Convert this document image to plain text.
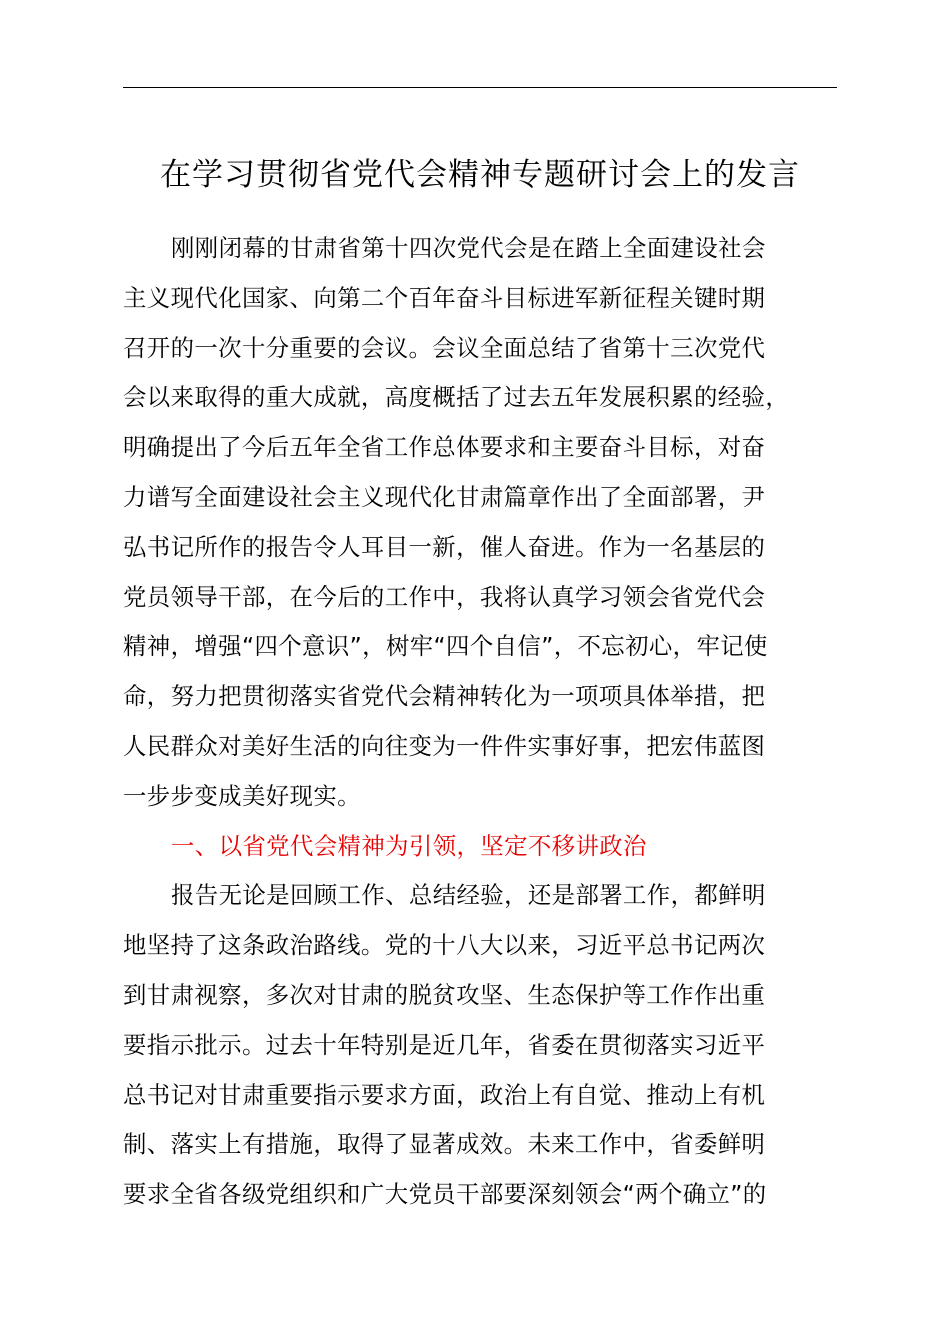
在学习贯彻省党代会精神专题研讨会上的发言
刚刚闭幕的甘肃省第十四次党代会是在踏上全面建设社会
主义现代化国家、向第二个百年奋斗目标进军新征程关键时期
召开的一次十分重要的会议。会议全面总结了省第十三次党代
会以来取得的重大成就，高度概括了过去五年发展积累的经验，
明确提出了今后五年全省工作总体要求和主要奋斗目标，对奋
力谱写全面建设社会主义现代化甘肃篇章作出了全面部署，尹
弘书记所作的报告令人耳目一新，催人奋进。作为一名基层的
党员领导干部，在今后的工作中，我将认真学习领会省党代会
精神，增强“四个意识”，树牢“四个自信”，不忘初心，牢记使
命，努力把贯彻落实省党代会精神转化为一项项具体举措，把
人民群众对美好生活的向往变为一件件实事好事，把宏伟蓝图
一步步变成美好现实。
一、以省党代会精神为引领，坚定不移讲政治
报告无论是回顾工作、总结经验，还是部署工作，都鲜明
地坚持了这条政治路线。党的十八大以来，习近平总书记两次
到甘肃视察，多次对甘肃的脱贫攻坚、生态保护等工作作出重
要指示批示。过去十年特别是近几年，省委在贯彻落实习近平
总书记对甘肃重要指示要求方面，政治上有自觉、推动上有机
制、落实上有措施，取得了显著成效。未来工作中，省委鲜明
要求全省各级党组织和广大党员干部要深刻领会“两个确立”的
